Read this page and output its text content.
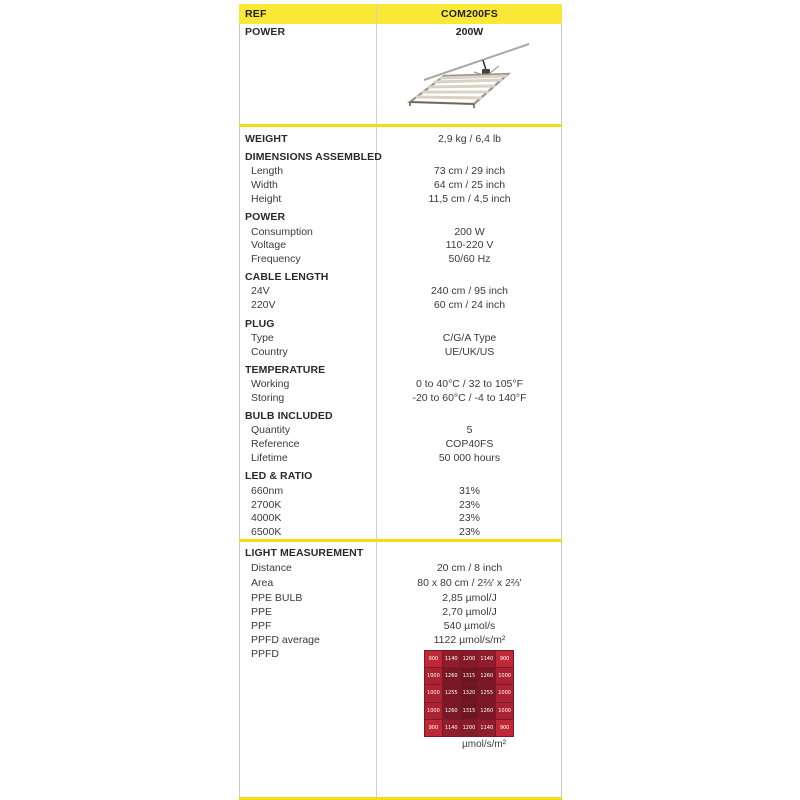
REF	COM200FS
POWER	200W
WEIGHT	2,9 kg / 6,4 lb
DIMENSIONS ASSEMBLED
Length	73 cm / 29 inch
Width	64 cm / 25 inch
Height	11,5 cm / 4,5 inch
POWER
Consumption	200 W
Voltage	110-220 V
Frequency	50/60 Hz
CABLE LENGTH
24V	240 cm / 95 inch
220V	60 cm / 24 inch
PLUG
Type	C/G/A Type
Country	UE/UK/US
TEMPERATURE
Working	0 to 40°C / 32 to 105°F
Storing	-20 to 60°C / -4 to 140°F
BULB INCLUDED
Quantity	5
Reference	COP40FS
Lifetime	50 000 hours
LED & RATIO
660nm	31%
2700K	23%
4000K	23%
6500K	23%
LIGHT MEASUREMENT
Distance	20 cm / 8 inch
Area	80 x 80 cm / 2⅔' x 2⅔'
PPE BULB	2,85 µmol/J
PPE	2,70 µmol/J
PPF	540 µmol/s
PPFD average	1122 µmol/s/m²
PPFD	900	1140	1200	1140	900
1000	1260	1315	1260	1000
1000	1255	1320	1255	1000
1000	1260	1315	1260	1000
900	1140	1200	1140	900
µmol/s/m²
